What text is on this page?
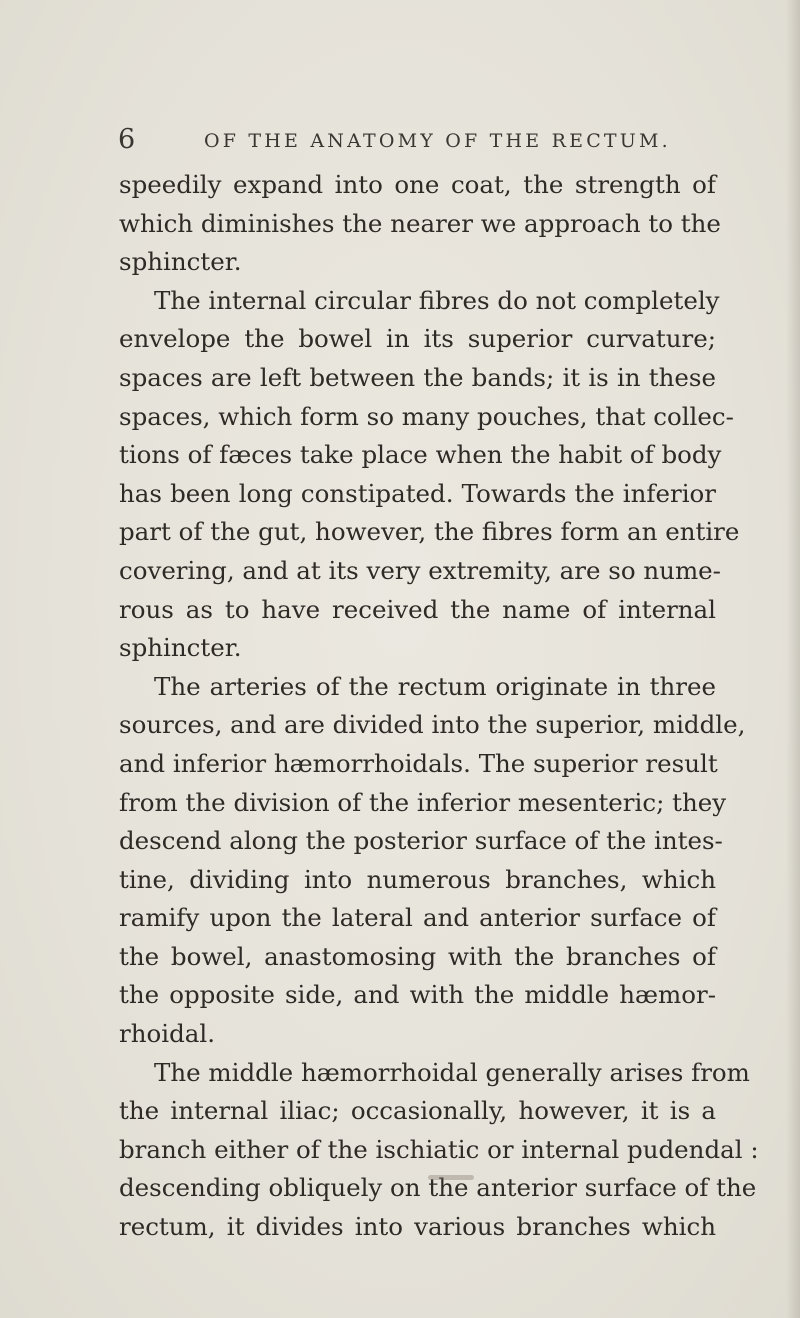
6	OF THE ANATOMY OF THE RECTUM.
speedily expand into one coat, the strength of
which diminishes the nearer we approach to the
sphincter.
The internal circular fibres do not completely
envelope the bowel in its superior curvature;
spaces are left between the bands; it is in these
spaces, which form so many pouches, that collec-
tions of fæces take place when the habit of body
has been long constipated. Towards the inferior
part of the gut, however, the fibres form an entire
covering, and at its very extremity, are so nume-
rous as to have received the name of internal
sphincter.
The arteries of the rectum originate in three
sources, and are divided into the superior, middle,
and inferior hæmorrhoidals. The superior result
from the division of the inferior mesenteric; they
descend along the posterior surface of the intes-
tine, dividing into numerous branches, which
ramify upon the lateral and anterior surface of
the bowel, anastomosing with the branches of
the opposite side, and with the middle hæmor-
rhoidal.
The middle hæmorrhoidal generally arises from
the internal iliac; occasionally, however, it is a
branch either of the ischiatic or internal pudendal :
descending obliquely on the anterior surface of the
rectum, it divides into various branches which
